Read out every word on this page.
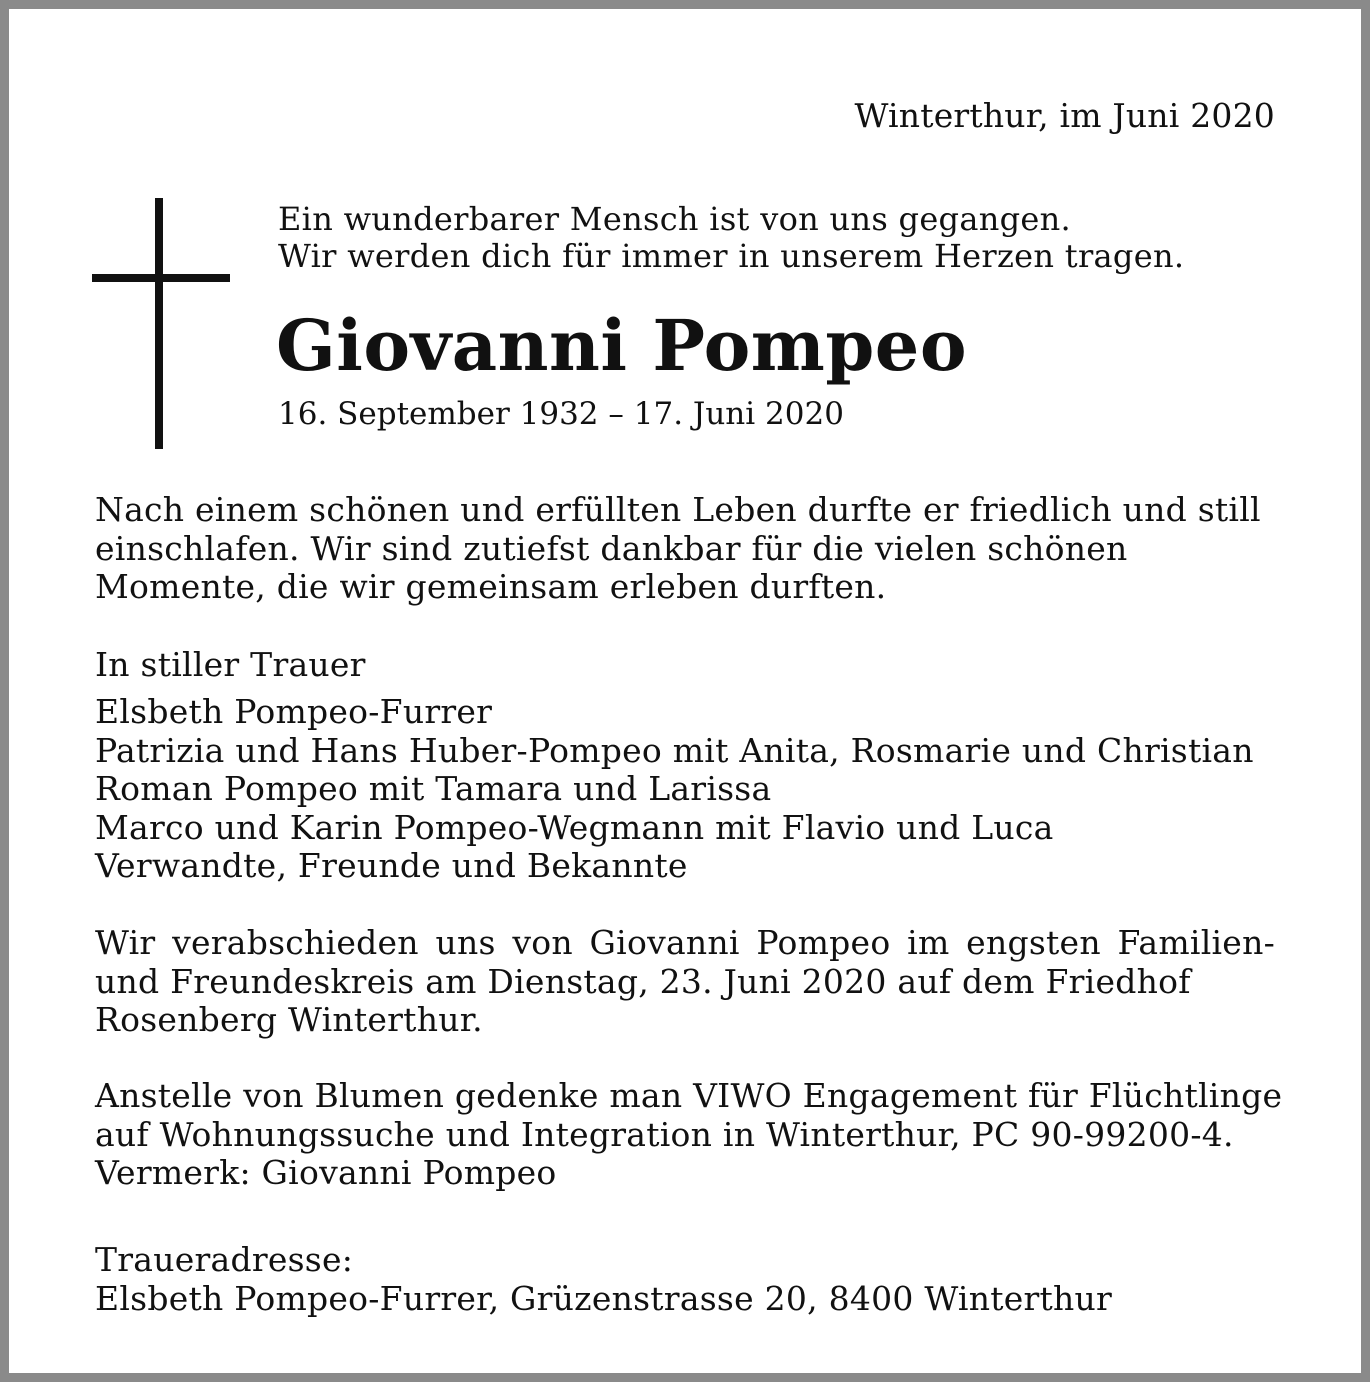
Winterthur, im Juni 2020
Ein wunderbarer Mensch ist von uns gegangen.
Wir werden dich für immer in unserem Herzen tragen.
Giovanni Pompeo
16. September 1932 – 17. Juni 2020
Nach einem schönen und erfüllten Leben durfte er friedlich und still
einschlafen. Wir sind zutiefst dankbar für die vielen schönen
Momente, die wir gemeinsam erleben durften.
In stiller Trauer
Elsbeth Pompeo-Furrer
Patrizia und Hans Huber-Pompeo mit Anita, Rosmarie und Christian
Roman Pompeo mit Tamara und Larissa
Marco und Karin Pompeo-Wegmann mit Flavio und Luca
Verwandte, Freunde und Bekannte
Wir verabschieden uns von Giovanni Pompeo im engsten Familien-
und Freundeskreis am Dienstag, 23. Juni 2020 auf dem Friedhof
Rosenberg Winterthur.
Anstelle von Blumen gedenke man VIWO Engagement für Flüchtlinge
auf Wohnungssuche und Integration in Winterthur, PC 90-99200-4.
Vermerk: Giovanni Pompeo
Traueradresse:
Elsbeth Pompeo-Furrer, Grüzenstrasse 20, 8400 Winterthur
